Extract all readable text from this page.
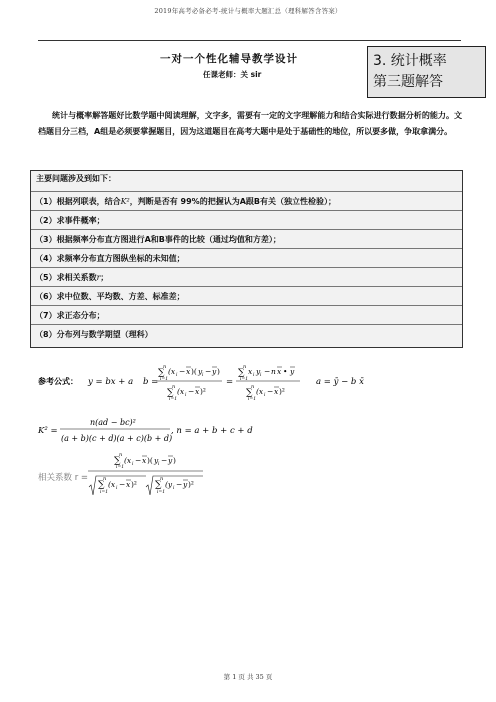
2019年高考必备必考-统计与概率大题汇总（理科解答含答案）
一对一个性化辅导教学设计
任课老师：关 sir
3. 统计概率
第三题解答

统计与概率解答题好比数学题中阅读理解，文字多，需要有一定的文字理解能力和结合实际进行数据分析的能力。文档题目分三档，A组是必须要掌握题目，因为这道题目在高考大题中是处于基础性的地位，所以要多做，争取拿满分。

主要问题涉及到如下：
（1）根据列联表，结合K²，判断是否有 99%的把握认为A跟B有关（独立性检验）；
（2）求事件概率；
（3）根据频率分布直方图进行A和B事件的比较（通过均值和方差）；
（4）求频率分布直方图纵坐标的未知值；
（5）求相关系数r；
（6）求中位数、平均数、方差、标准差；
（7）求正态分布；
（8）分布列与数学期望（理科）
参考公式： y = bx + a b =
n
∑
i=1
(x i − x )( y i − y )
n
∑
i=1
(x i − x )²
=
n
∑
i=1
x i y i − n x • y
n
∑
i=1
(x i − x )²
a = ȳ − b x̄
K² =
n(ad − bc)²
(a + b)(c + d)(a + c)(b + d)
, n = a + b + c + d
n
∑
i=1
(x i − x )( y i − y )
n
∑
i=1
(x i − x )²
n
∑
i=1
(y i − y )²
相关系数 r =
第 1 页 共 35 页
